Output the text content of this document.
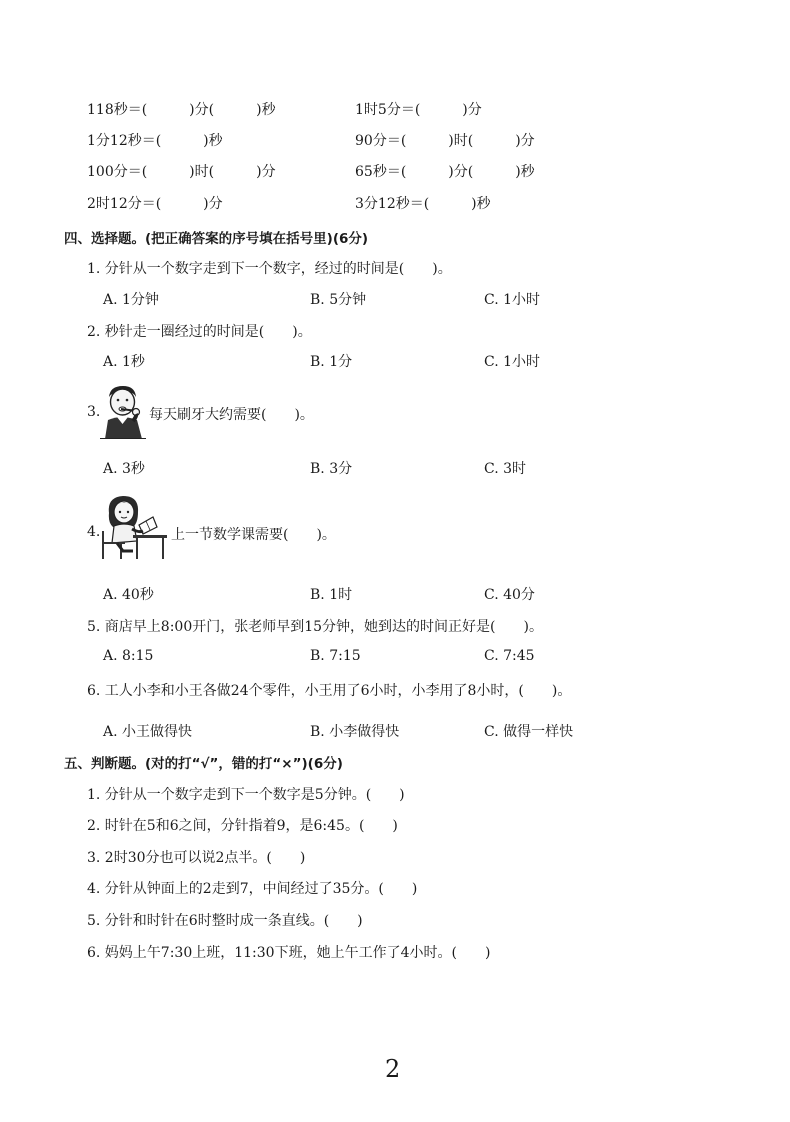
118秒＝(　　　)分(　　　)秒	1时5分＝(　　　)分
1分12秒＝(　　　)秒	90分＝(　　　)时(　　　)分
100分＝(　　　)时(　　　)分	65秒＝(　　　)分(　　　)秒
2时12分＝(　　　)分	3分12秒＝(　　　)秒
四、选择题。(把正确答案的序号填在括号里)(6分)
1. 分针从一个数字走到下一个数字，经过的时间是(　　)。
A. 1分钟	B. 5分钟	C. 1小时
2. 秒针走一圈经过的时间是(　　)。
A. 1秒	B. 1分	C. 1小时
3.	每天刷牙大约需要(　　)。
A. 3秒	B. 3分	C. 3时
4.	上一节数学课需要(　　)。
A. 40秒	B. 1时	C. 40分
5. 商店早上8:00开门，张老师早到15分钟，她到达的时间正好是(　　)。
A. 8:15	B. 7:15	C. 7:45
6. 工人小李和小王各做24个零件，小王用了6小时，小李用了8小时，(　　)。
A. 小王做得快	B. 小李做得快	C. 做得一样快
五、判断题。(对的打“√”，错的打“×”)(6分)
1. 分针从一个数字走到下一个数字是5分钟。(　　)
2. 时针在5和6之间，分针指着9，是6:45。(　　)
3. 2时30分也可以说2点半。(　　)
4. 分针从钟面上的2走到7，中间经过了35分。(　　)
5. 分针和时针在6时整时成一条直线。(　　)
6. 妈妈上午7:30上班，11:30下班，她上午工作了4小时。(　　)
2
